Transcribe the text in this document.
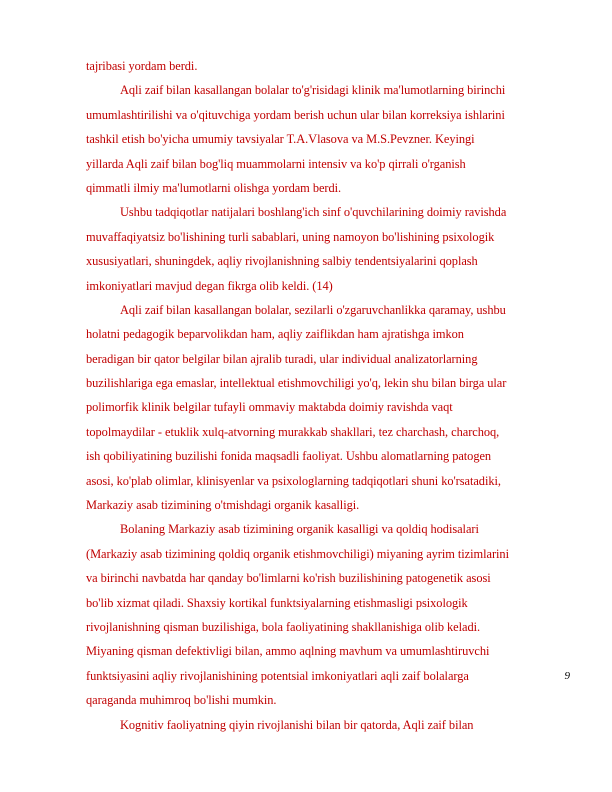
tajribasi yordam berdi.
Aqli zaif bilan kasallangan bolalar to'g'risidagi klinik ma'lumotlarning birinchi
umumlashtirilishi va o'qituvchiga yordam berish uchun ular bilan korreksiya ishlarini
tashkil etish bo'yicha umumiy tavsiyalar T.A.Vlasova va M.S.Pevzner. Keyingi
yillarda Aqli zaif bilan bog'liq muammolarni intensiv va ko'p qirrali o'rganish
qimmatli ilmiy ma'lumotlarni olishga yordam berdi.
Ushbu tadqiqotlar natijalari boshlang'ich sinf o'quvchilarining doimiy ravishda
muvaffaqiyatsiz bo'lishining turli sabablari, uning namoyon bo'lishining psixologik
xususiyatlari, shuningdek, aqliy rivojlanishning salbiy tendentsiyalarini qoplash
imkoniyatlari mavjud degan fikrga olib keldi. (14)
Aqli zaif bilan kasallangan bolalar, sezilarli o'zgaruvchanlikka qaramay, ushbu
holatni pedagogik beparvolikdan ham, aqliy zaiflikdan ham ajratishga imkon
beradigan bir qator belgilar bilan ajralib turadi, ular individual analizatorlarning
buzilishlariga ega emaslar, intellektual etishmovchiligi yo'q, lekin shu bilan birga ular
polimorfik klinik belgilar tufayli ommaviy maktabda doimiy ravishda vaqt
topolmaydilar - etuklik xulq-atvorning murakkab shakllari, tez charchash, charchoq,
ish qobiliyatining buzilishi fonida maqsadli faoliyat. Ushbu alomatlarning patogen
asosi, ko'plab olimlar, klinisyenlar va psixologlarning tadqiqotlari shuni ko'rsatadiki,
Markaziy asab tizimining o'tmishdagi organik kasalligi.
Bolaning Markaziy asab tizimining organik kasalligi va qoldiq hodisalari
(Markaziy asab tizimining qoldiq organik etishmovchiligi) miyaning ayrim tizimlarini
va birinchi navbatda har qanday bo'limlarni ko'rish buzilishining patogenetik asosi
bo'lib xizmat qiladi. Shaxsiy kortikal funktsiyalarning etishmasligi psixologik
rivojlanishning qisman buzilishiga, bola faoliyatining shakllanishiga olib keladi.
Miyaning qisman defektivligi bilan, ammo aqlning mavhum va umumlashtiruvchi
funktsiyasini aqliy rivojlanishining potentsial imkoniyatlari aqli zaif bolalarga
qaraganda muhimroq bo'lishi mumkin.
Kognitiv faoliyatning qiyin rivojlanishi bilan bir qatorda, Aqli zaif bilan
9
